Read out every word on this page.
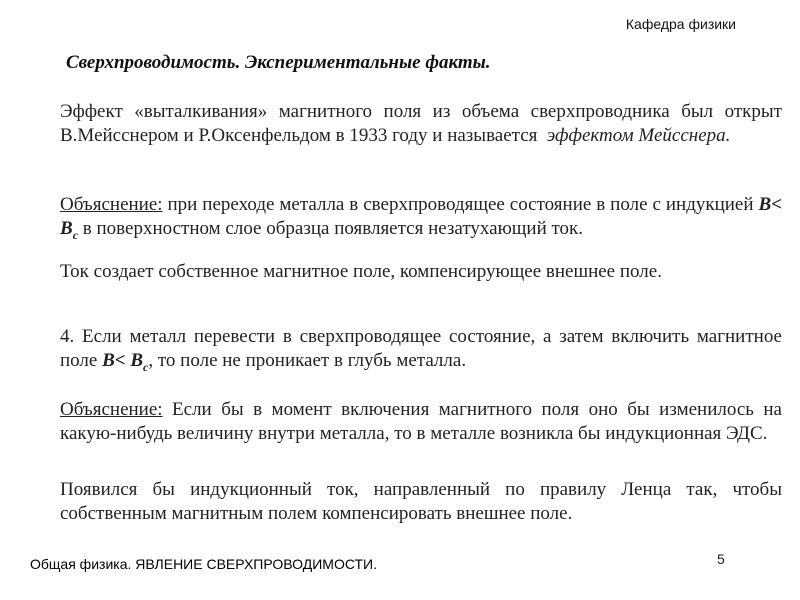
Кафедра физики
Сверхпроводимость. Экспериментальные факты.
Эффект «выталкивания» магнитного поля из объема сверхпроводника был открыт В.Мейсснером и Р.Оксенфельдом в 1933 году и называется эффектом Мейсснера.
Объяснение: при переходе металла в сверхпроводящее состояние в поле с индукцией $B< B_c$ в поверхностном слое образца появляется незатухающий ток.
Ток создает собственное магнитное поле, компенсирующее внешнее поле.
4. Если металл перевести в сверхпроводящее состояние, а затем включить магнитное поле $B< B_c$, то поле не проникает в глубь металла.
Объяснение: Если бы в момент включения магнитного поля оно бы изменилось на какую-нибудь величину внутри металла, то в металле возникла бы индукционная ЭДС.
Появился бы индукционный ток, направленный по правилу Ленца так, чтобы собственным магнитным полем компенсировать внешнее поле.
Общая физика. ЯВЛЕНИЕ СВЕРХПРОВОДИМОСТИ.	5
